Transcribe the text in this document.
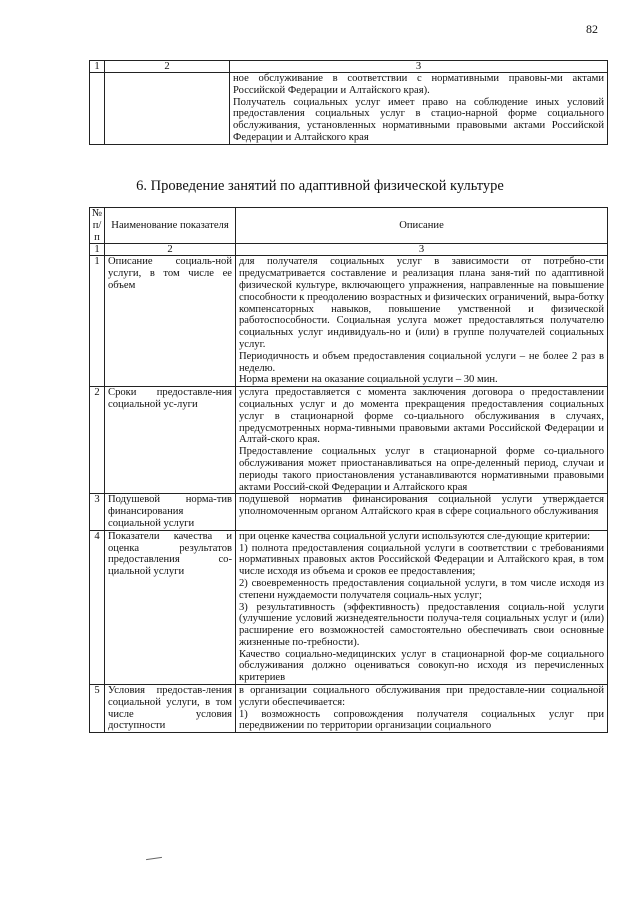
82
1	2	3

		ное обслуживание в соответствии с нормативными правовы-ми актами Российской Федерации и Алтайского края).

Получатель социальных услуг имеет право на соблюдение иных условий предоставления социальных услуг в стацио-нарной форме социального обслуживания, установленных нормативными правовыми актами Российской Федерации и Алтайского края

6. Проведение занятий по адаптивной физической культуре
№ п/п	Наименование показателя	Описание
1	2	3
1	Описание социаль-ной услуги, в том числе ее объем	для получателя социальных услуг в зависимости от потребно-сти предусматривается составление и реализация плана заня-тий по адаптивной физической культуре, включающего упражнения, направленные на повышение способности к преодолению возрастных и физических ограничений, выра-ботку компенсаторных навыков, повышение умственной и физической работоспособности. Социальная услуга может предоставляться получателю социальных услуг индивидуаль-но и (или) в группе получателей социальных услуг.

Периодичность и объем предоставления социальной услуги – не более 2 раз в неделю.

Норма времени на оказание социальной услуги – 30 мин.

2	Сроки предоставле-ния социальной ус-луги	услуга предоставляется с момента заключения договора о предоставлении социальных услуг и до момента прекращения предоставления социальных услуг в стационарной форме со-циального обслуживания в случаях, предусмотренных норма-тивными правовыми актами Российской Федерации и Алтай-ского края.

Предоставление социальных услуг в стационарной форме со-циального обслуживания может приостанавливаться на опре-деленный период, случаи и периоды такого приостановления устанавливаются нормативными правовыми актами Россий-ской Федерации и Алтайского края

3	Подушевой норма-тив финансирования социальной услуги	подушевой норматив финансирования социальной услуги утверждается уполномоченным органом Алтайского края в сфере социального обслуживания

4	Показатели качества и оценка результатов предоставления со-циальной услуги	при оценке качества социальной услуги используются сле-дующие критерии:

1) полнота предоставления социальной услуги в соответствии с требованиями нормативных правовых актов Российской Федерации и Алтайского края, в том числе исходя из объема и сроков ее предоставления;

2) своевременность предоставления социальной услуги, в том числе исходя из степени нуждаемости получателя социаль-ных услуг;

3) результативность (эффективность) предоставления социаль-ной услуги (улучшение условий жизнедеятельности получа-теля социальных услуг и (или) расширение его возможностей самостоятельно обеспечивать свои основные жизненные по-требности).

Качество социально-медицинских услуг в стационарной фор-ме социального обслуживания должно оцениваться совокуп-но исходя из перечисленных критериев

5	Условия предостав-ления социальной услуги, в том числе условия доступности	в организации социального обслуживания при предоставле-нии социальной услуги обеспечивается:

1) возможность сопровождения получателя социальных услуг при передвижении по территории организации социального
